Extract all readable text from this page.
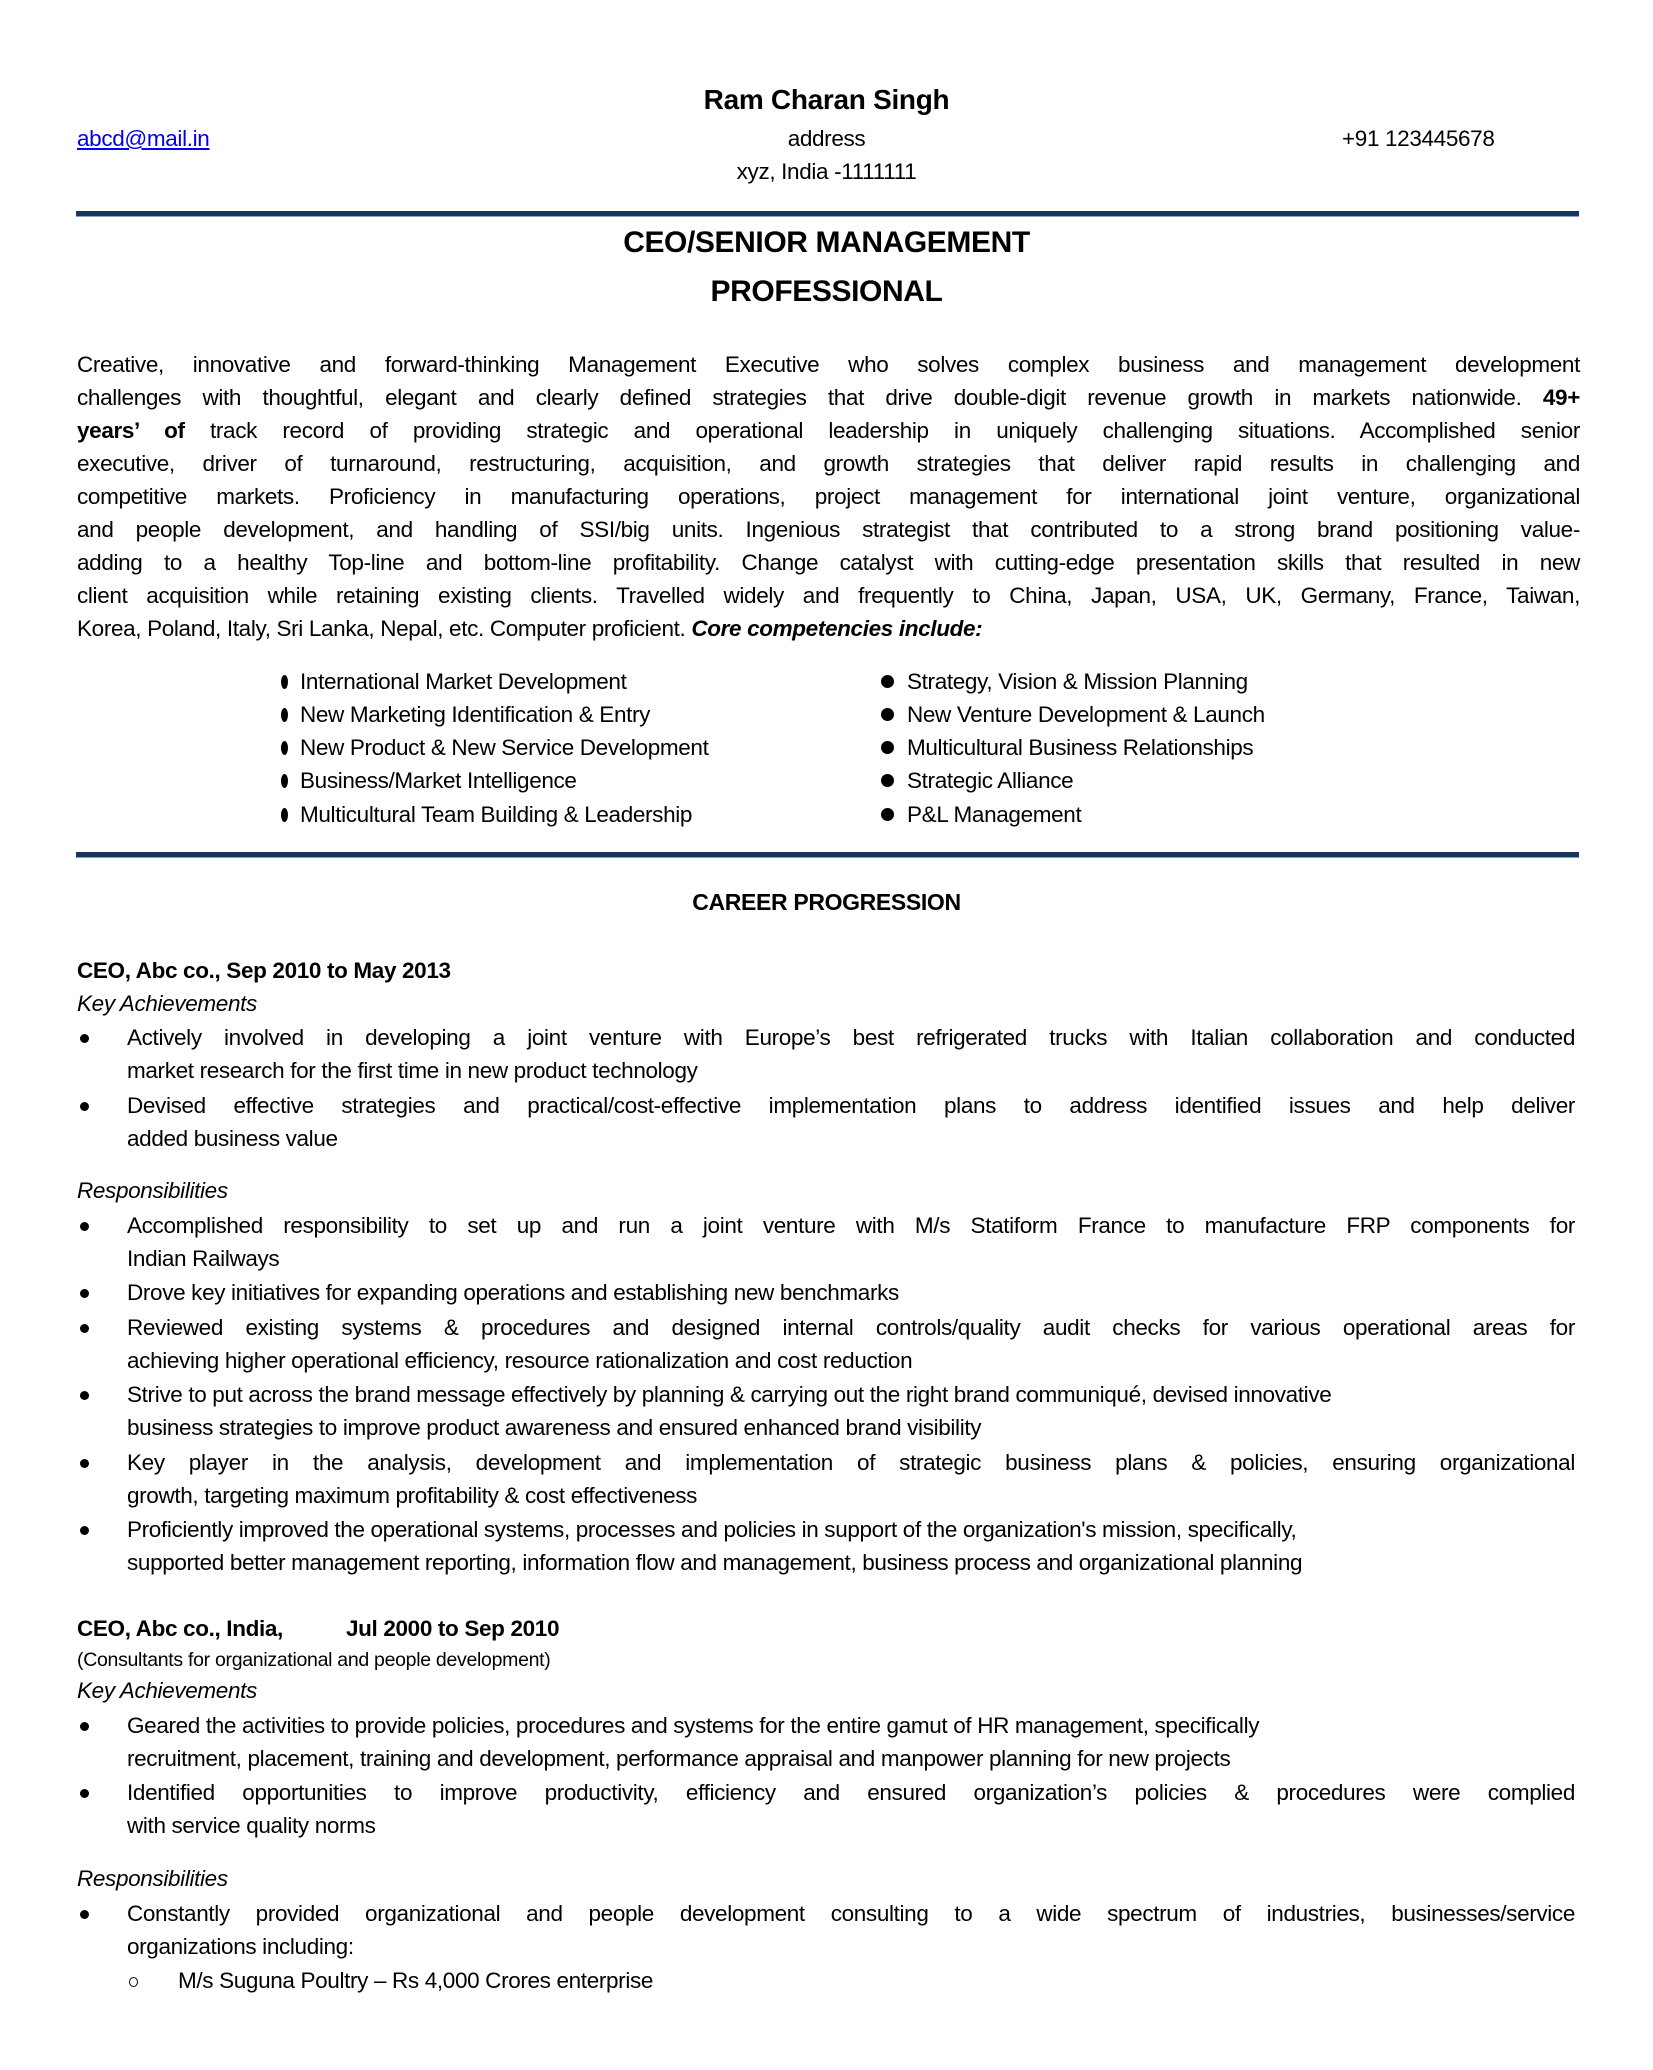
Ram Charan Singh
abcd@mail.in	address	+91 123445678
xyz, India -1111111
CEO/SENIOR MANAGEMENT
PROFESSIONAL
Creative, innovative and forward-thinking Management Executive who solves complex business and management development
challenges with thoughtful, elegant and clearly defined strategies that drive double-digit revenue growth in markets nationwide. 49+
years’ of track record of providing strategic and operational leadership in uniquely challenging situations. Accomplished senior
executive, driver of turnaround, restructuring, acquisition, and growth strategies that deliver rapid results in challenging and
competitive markets. Proficiency in manufacturing operations, project management for international joint venture, organizational
and people development, and handling of SSI/big units. Ingenious strategist that contributed to a strong brand positioning value-
adding to a healthy Top-line and bottom-line profitability. Change catalyst with cutting-edge presentation skills that resulted in new
client acquisition while retaining existing clients. Travelled widely and frequently to China, Japan, USA, UK, Germany, France, Taiwan,
Korea, Poland, Italy, Sri Lanka, Nepal, etc. Computer proficient. Core competencies include:
International Market Development
New Marketing Identification & Entry
New Product & New Service Development
Business/Market Intelligence
Multicultural Team Building & Leadership
Strategy, Vision & Mission Planning
New Venture Development & Launch
Multicultural Business Relationships
Strategic Alliance
P&L Management
CAREER PROGRESSION
CEO, Abc co., Sep 2010 to May 2013
Key Achievements
Actively involved in developing a joint venture with Europe’s best refrigerated trucks with Italian collaboration and conducted
market research for the first time in new product technology
Devised effective strategies and practical/cost-effective implementation plans to address identified issues and help deliver
added business value
Responsibilities
Accomplished responsibility to set up and run a joint venture with M/s Statiform France to manufacture FRP components for
Indian Railways
Drove key initiatives for expanding operations and establishing new benchmarks
Reviewed existing systems & procedures and designed internal controls/quality audit checks for various operational areas for
achieving higher operational efficiency, resource rationalization and cost reduction
Strive to put across the brand message effectively by planning & carrying out the right brand communiqué, devised innovative
business strategies to improve product awareness and ensured enhanced brand visibility
Key player in the analysis, development and implementation of strategic business plans & policies, ensuring organizational
growth, targeting maximum profitability & cost effectiveness
Proficiently improved the operational systems, processes and policies in support of the organization's mission, specifically,
supported better management reporting, information flow and management, business process and organizational planning
CEO, Abc co., India,	Jul 2000 to Sep 2010
(Consultants for organizational and people development)
Key Achievements
Geared the activities to provide policies, procedures and systems for the entire gamut of HR management, specifically
recruitment, placement, training and development, performance appraisal and manpower planning for new projects
Identified opportunities to improve productivity, efficiency and ensured organization’s policies & procedures were complied
with service quality norms
Responsibilities
Constantly provided organizational and people development consulting to a wide spectrum of industries, businesses/service
organizations including:
M/s Suguna Poultry – Rs 4,000 Crores enterprise
